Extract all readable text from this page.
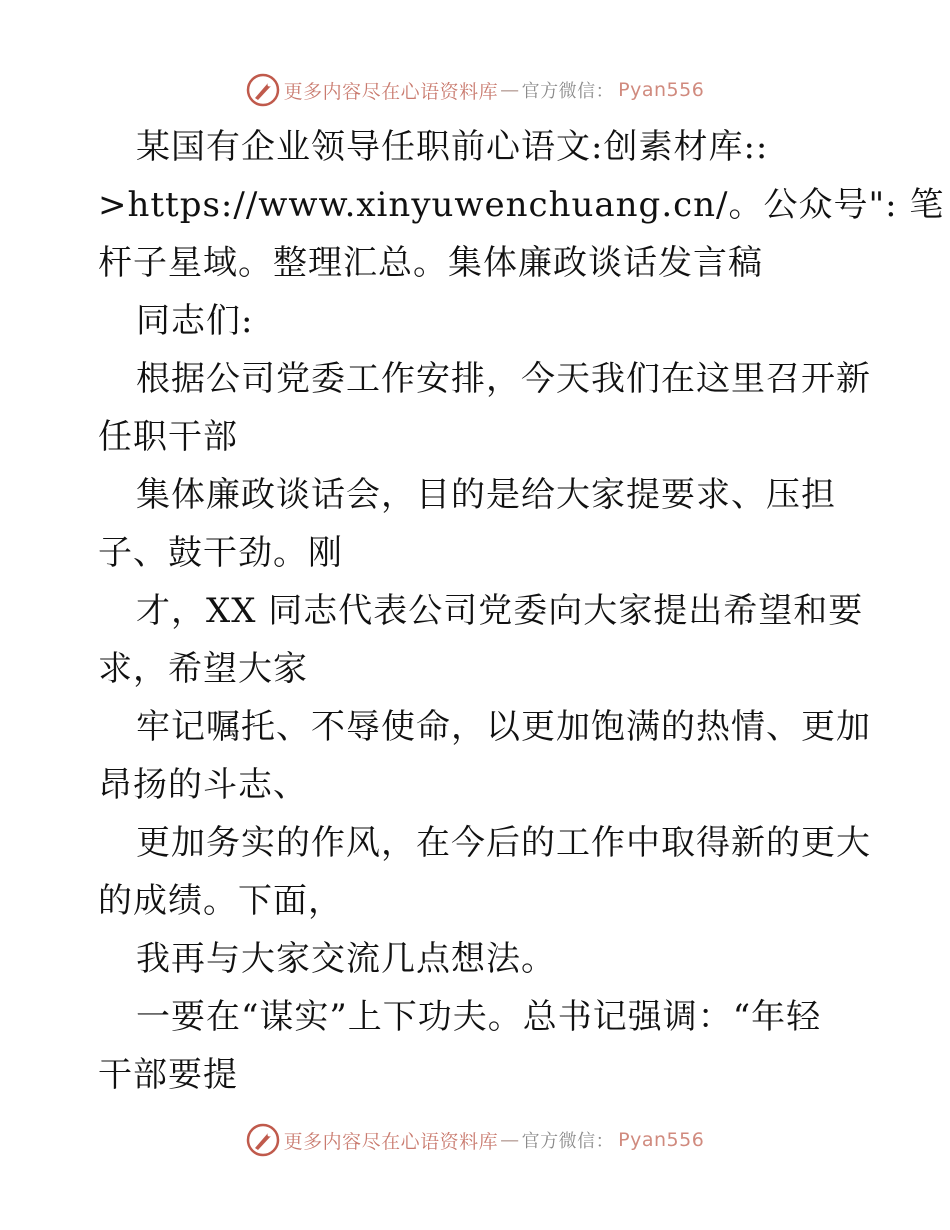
更多内容尽在心语资料库 — 官方微信： Pyan556
某国有企业领导任职前心语文:创素材库::
>https://www.xinyuwenchuang.cn/。公众号": 笔
杆子星域。整理汇总。集体廉政谈话发言稿
同志们:
根据公司党委工作安排，今天我们在这里召开新
任职干部
集体廉政谈话会，目的是给大家提要求、压担
子、鼓干劲。刚
才，XX 同志代表公司党委向大家提出希望和要
求，希望大家
牢记嘱托、不辱使命，以更加饱满的热情、更加
昂扬的斗志、
更加务实的作风，在今后的工作中取得新的更大
的成绩。下面，
我再与大家交流几点想法。
一要在“谋实”上下功夫。总书记强调：“年轻
干部要提
更多内容尽在心语资料库 — 官方微信： Pyan556
